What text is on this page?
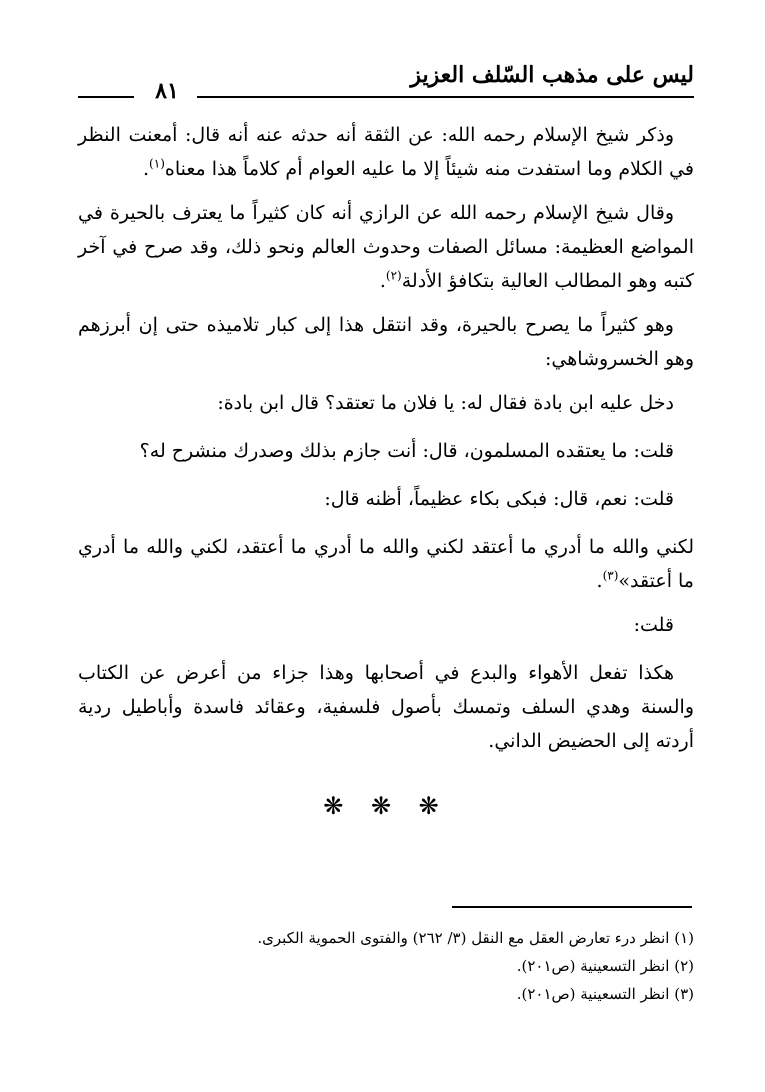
ليس على مذهب السّلف العزيز
٨١

وذكر شيخ الإسلام رحمه الله: عن الثقة أنه حدثه عنه أنه قال: أمعنت النظر في الكلام وما استفدت منه شيئاً إلا ما عليه العوام أم كلاماً هذا معناه$^{(١)}$.

وقال شيخ الإسلام رحمه الله عن الرازي أنه كان كثيراً ما يعترف بالحيرة في المواضع العظيمة: مسائل الصفات وحدوث العالم ونحو ذلك، وقد صرح في آخر كتبه وهو المطالب العالية بتكافؤ الأدلة$^{(٢)}$.

وهو كثيراً ما يصرح بالحيرة، وقد انتقل هذا إلى كبار تلاميذه حتى إن أبرزهم وهو الخسروشاهي:

دخل عليه ابن بادة فقال له: يا فلان ما تعتقد؟ قال ابن بادة:

قلت: ما يعتقده المسلمون، قال: أنت جازم بذلك وصدرك منشرح له؟

قلت: نعم، قال: فبكى بكاء عظيماً، أظنه قال:

لكني والله ما أدري ما أعتقد لكني والله ما أدري ما أعتقد، لكني والله ما أدري ما أعتقد»$^{(٣)}$.

قلت:

هكذا تفعل الأهواء والبدع في أصحابها وهذا جزاء من أعرض عن الكتاب والسنة وهدي السلف وتمسك بأصول فلسفية، وعقائد فاسدة وأباطيل ردية أردته إلى الحضيض الداني.

❋ ❋ ❋
(١) انظر درء تعارض العقل مع النقل (٣/ ٢٦٢) والفتوى الحموية الكبرى.
(٢) انظر التسعينية (ص٢٠١).
(٣) انظر التسعينية (ص٢٠١).
